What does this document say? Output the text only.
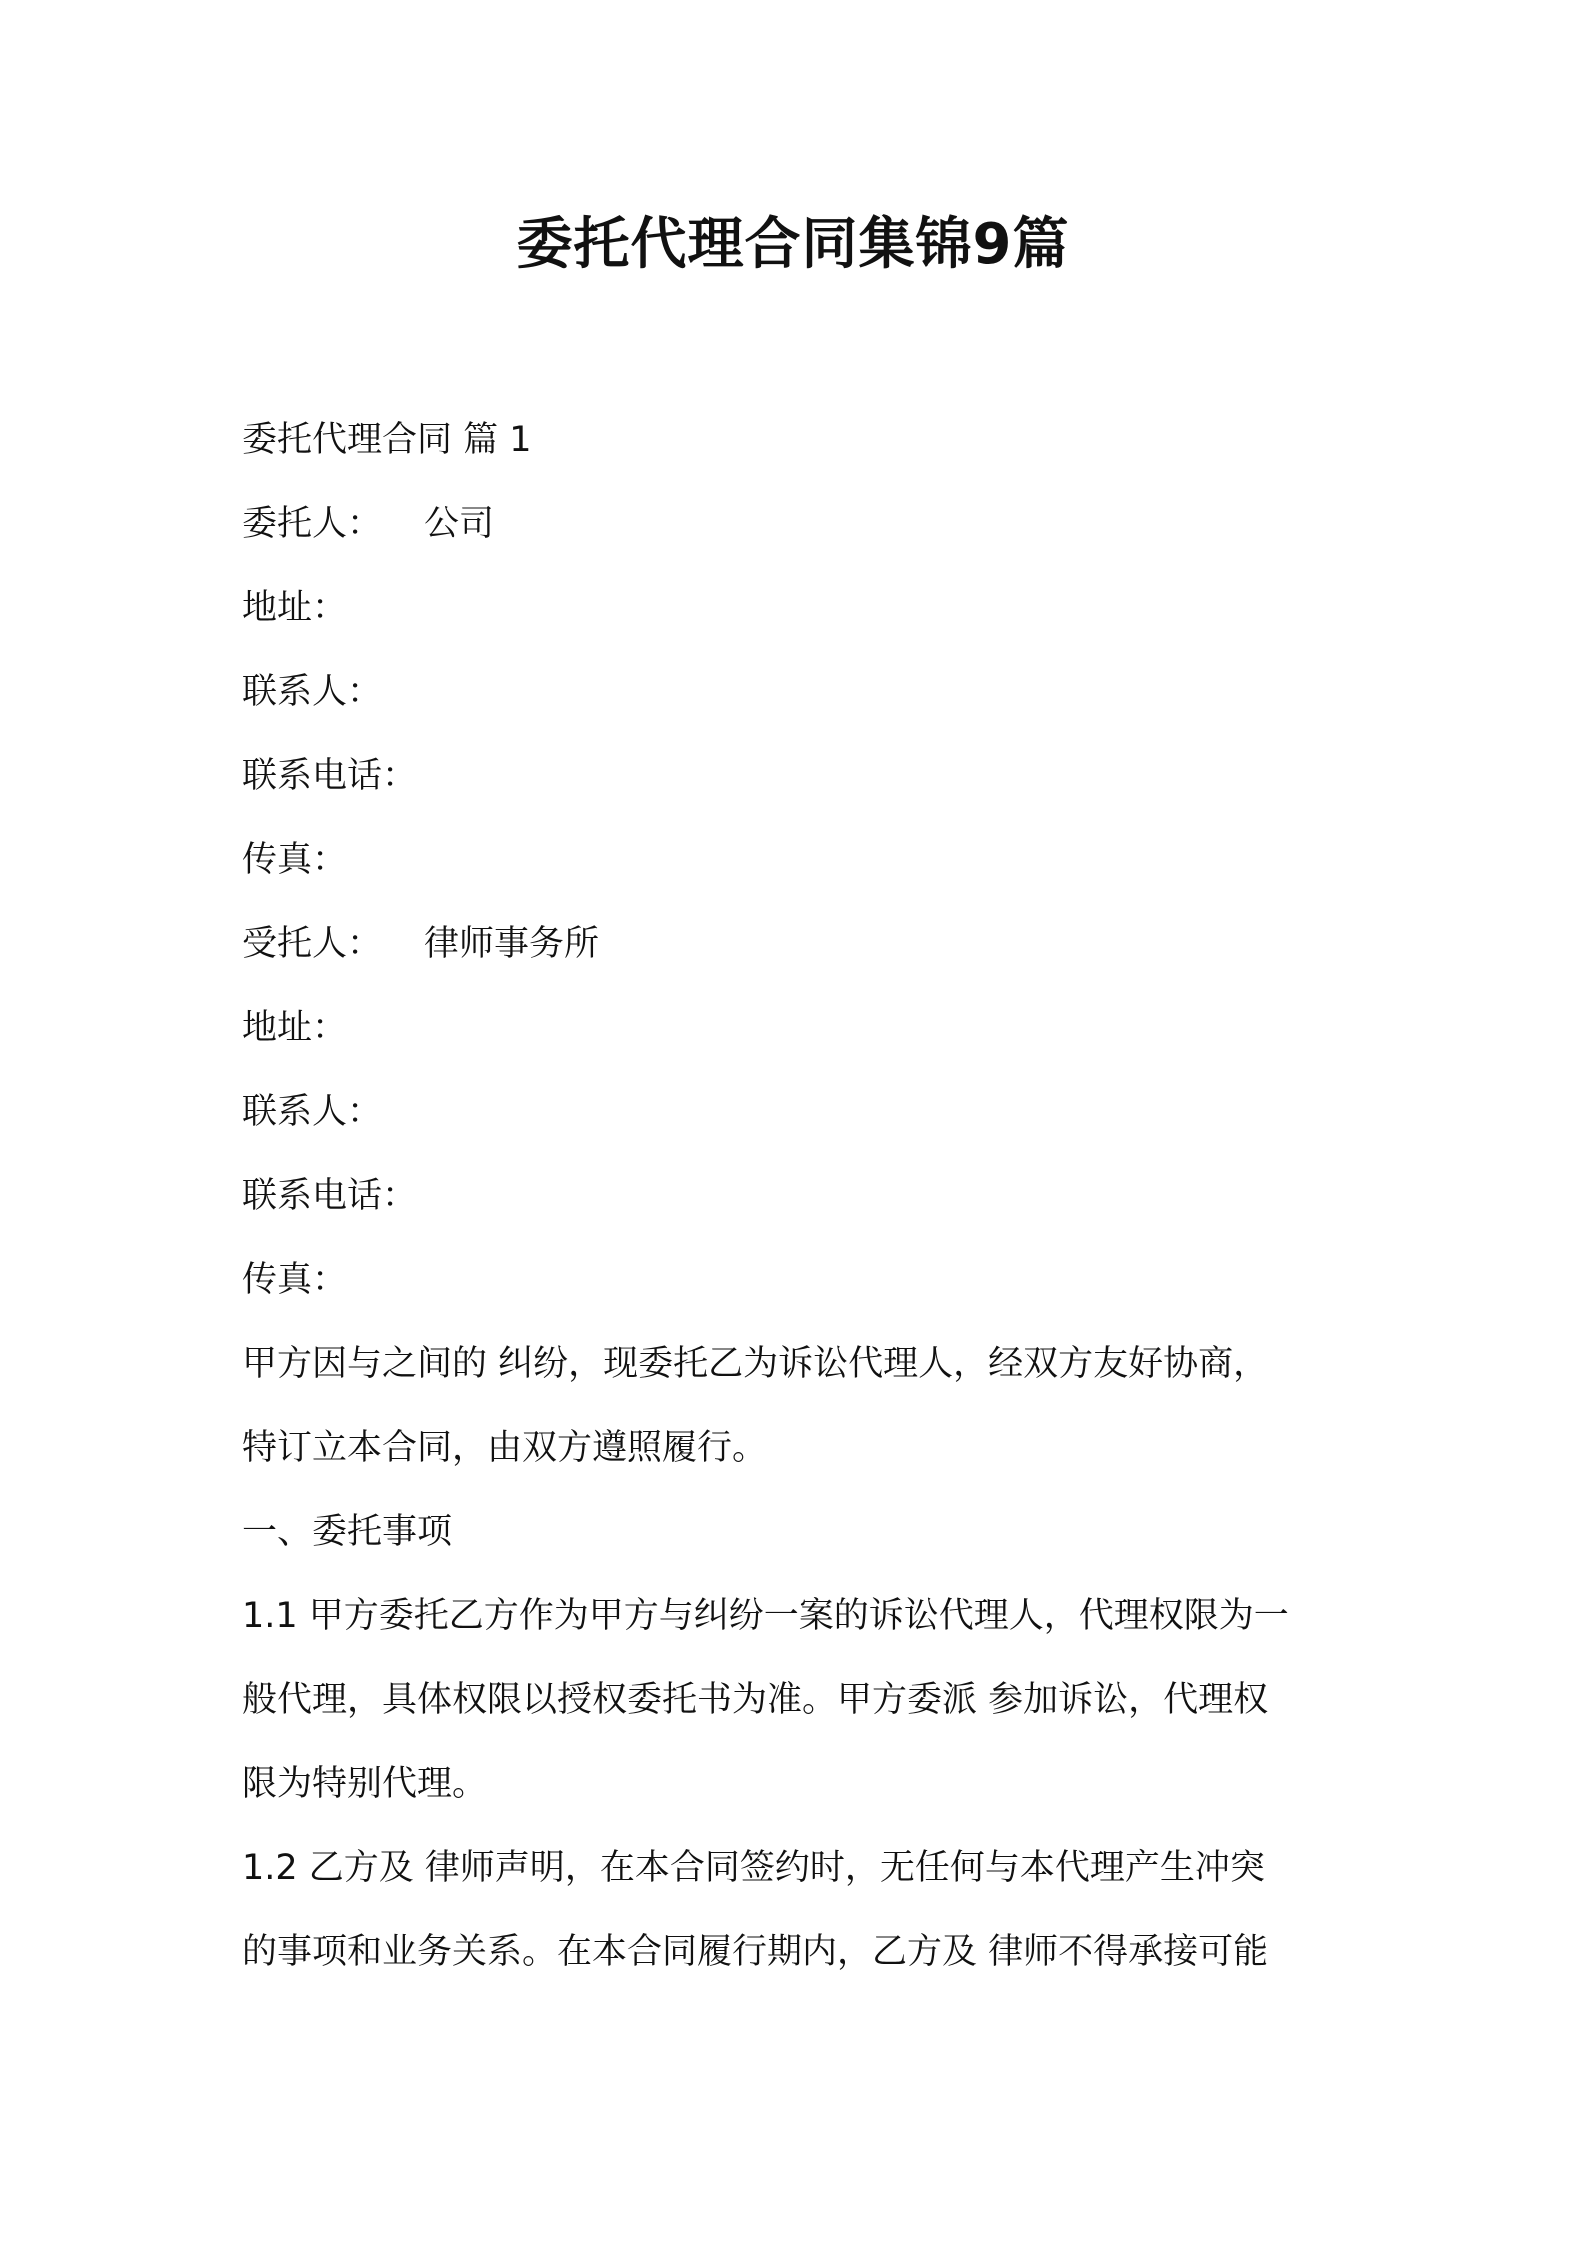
委托代理合同集锦9篇

委托代理合同 篇 1

委托人： 公司

地址：

联系人：

联系电话：

传真：

受托人： 律师事务所

地址：

联系人：

联系电话：

传真：

甲方因与之间的 纠纷，现委托乙为诉讼代理人，经双方友好协商，

特订立本合同，由双方遵照履行。

一、委托事项

1.1 甲方委托乙方作为甲方与纠纷一案的诉讼代理人，代理权限为一

般代理，具体权限以授权委托书为准。甲方委派 参加诉讼，代理权

限为特别代理。

1.2 乙方及 律师声明，在本合同签约时，无任何与本代理产生冲突

的事项和业务关系。在本合同履行期内，乙方及 律师不得承接可能
